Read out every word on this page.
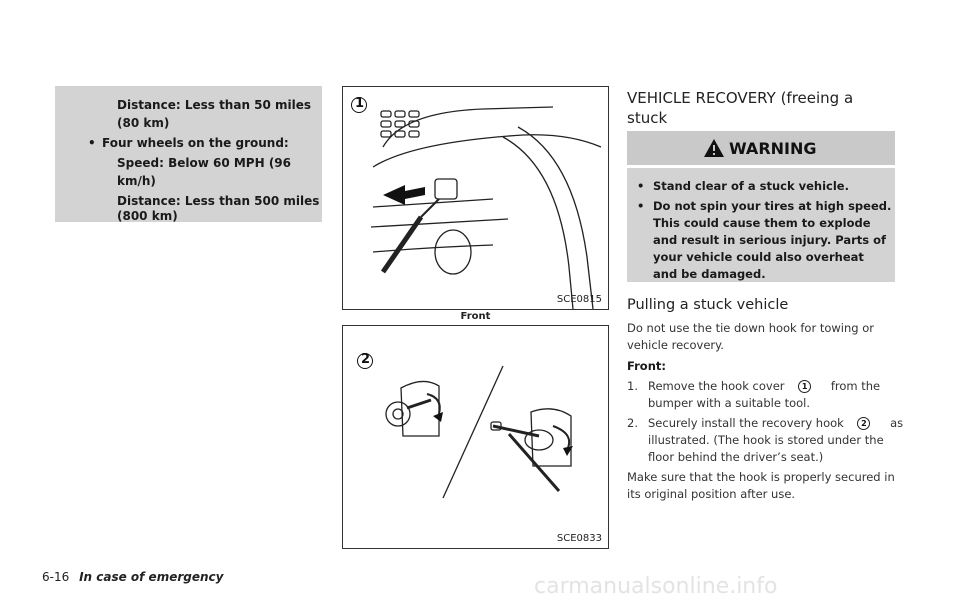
Distance: Less than 50 miles
(80 km)
• Four wheels on the ground:
Speed: Below 60 MPH (96
km/h)
Distance: Less than 500 miles
(800 km)
1
SCE0815
Front
2
SCE0833
VEHICLE RECOVERY (freeing a stuck
WARNING
• Stand clear of a stuck vehicle.
• Do not spin your tires at high speed.
This could cause them to explode
and result in serious injury. Parts of
your vehicle could also overheat
and be damaged.
Pulling a stuck vehicle
Do not use the tie down hook for towing or
vehicle recovery.
Front:
1. Remove the hook cover 1 from the
bumper with a suitable tool.
2. Securely install the recovery hook 2 as
illustrated. (The hook is stored under the
floor behind the driver’s seat.)
Make sure that the hook is properly secured in
its original position after use.
6-16 In case of emergency	carmanualsonline.info
